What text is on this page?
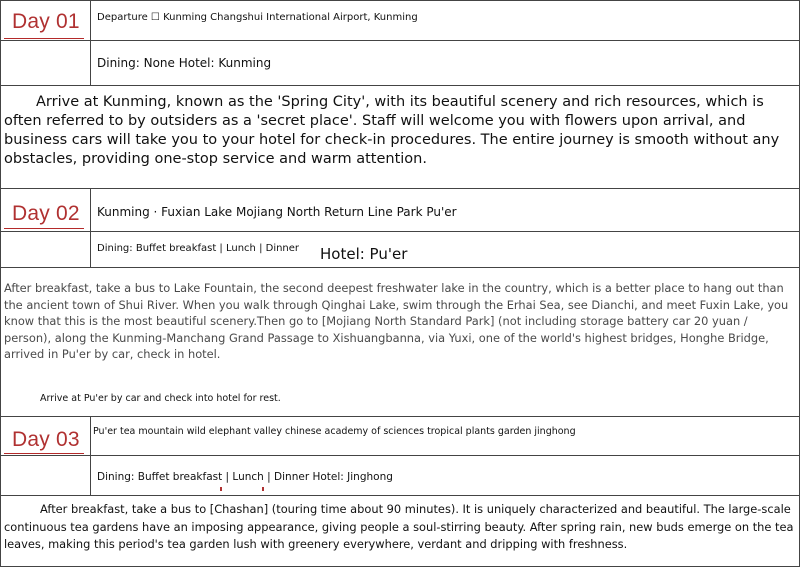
Day 01 Departure ☐ Kunming Changshui International Airport, Kunming
Dining: None Hotel: Kunming
Arrive at Kunming, known as the 'Spring City', with its beautiful scenery and rich resources, which is often referred to by outsiders as a 'secret place'. Staff will welcome you with flowers upon arrival, and business cars will take you to your hotel for check-in procedures. The entire journey is smooth without any obstacles, providing one-stop service and warm attention.
Day 02 Kunming · Fuxian Lake Mojiang North Return Line Park Pu'er
Dining: Buffet breakfast | Lunch | Dinner Hotel: Pu'er
After breakfast, take a bus to Lake Fountain, the second deepest freshwater lake in the country, which is a better place to hang out than the ancient town of Shui River. When you walk through Qinghai Lake, swim through the Erhai Sea, see Dianchi, and meet Fuxin Lake, you know that this is the most beautiful scenery.Then go to [Mojiang North Standard Park] (not including storage battery car 20 yuan / person), along the Kunming-Manchang Grand Passage to Xishuangbanna, via Yuxi, one of the world's highest bridges, Honghe Bridge, arrived in Pu'er by car, check in hotel.
Arrive at Pu'er by car and check into hotel for rest.
Day 03 Pu'er tea mountain wild elephant valley chinese academy of sciences tropical plants garden jinghong
Dining: Buffet breakfast | Lunch | Dinner Hotel: Jinghong
After breakfast, take a bus to [Chashan] (touring time about 90 minutes). It is uniquely characterized and beautiful. The large-scale continuous tea gardens have an imposing appearance, giving people a soul-stirring beauty. After spring rain, new buds emerge on the tea leaves, making this period's tea garden lush with greenery everywhere, verdant and dripping with freshness.
